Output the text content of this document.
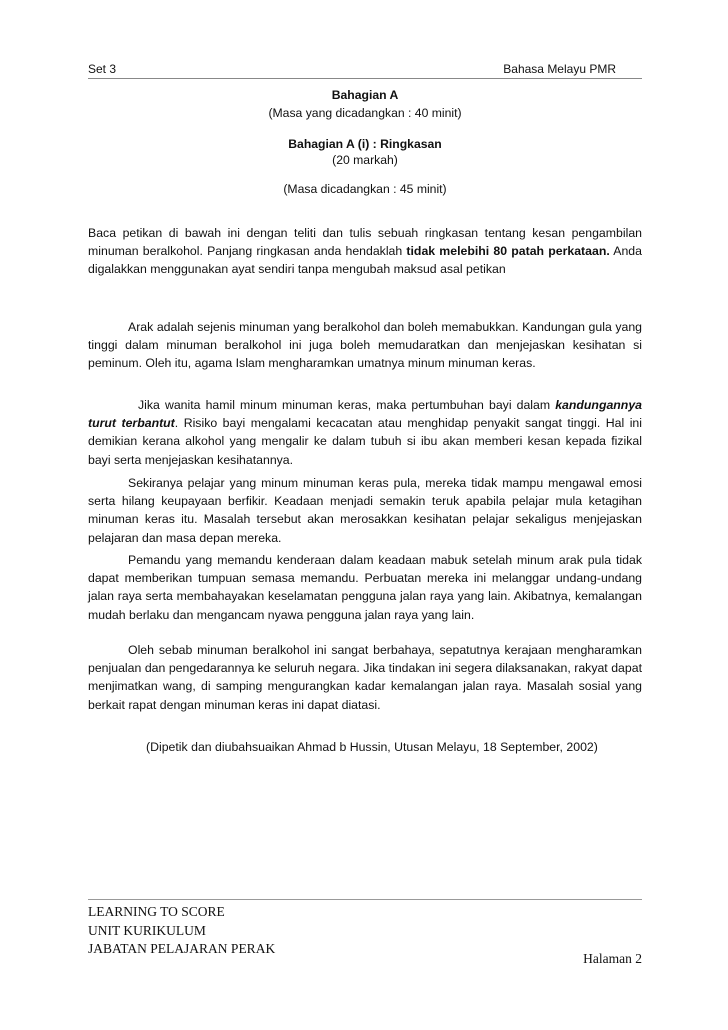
Set 3	Bahasa Melayu PMR
Bahagian A
(Masa yang dicadangkan : 40 minit)
Bahagian A (i) : Ringkasan
(20 markah)
(Masa dicadangkan : 45 minit)

Baca petikan di bawah ini dengan teliti dan tulis sebuah ringkasan tentang kesan pengambilan minuman beralkohol. Panjang ringkasan anda hendaklah tidak melebihi 80 patah perkataan. Anda digalakkan menggunakan ayat sendiri tanpa mengubah maksud asal petikan

Arak adalah sejenis minuman yang beralkohol dan boleh memabukkan. Kandungan gula yang tinggi dalam minuman beralkohol ini juga boleh memudaratkan dan menjejaskan kesihatan si peminum. Oleh itu, agama Islam mengharamkan umatnya minum minuman keras.

Jika wanita hamil minum minuman keras, maka pertumbuhan bayi dalam kandungannya turut terbantut. Risiko bayi mengalami kecacatan atau menghidap penyakit sangat tinggi. Hal ini demikian kerana alkohol yang mengalir ke dalam tubuh si ibu akan memberi kesan kepada fizikal bayi serta menjejaskan kesihatannya.

Sekiranya pelajar yang minum minuman keras pula, mereka tidak mampu mengawal emosi serta hilang keupayaan berfikir. Keadaan menjadi semakin teruk apabila pelajar mula ketagihan minuman keras itu. Masalah tersebut akan merosakkan kesihatan pelajar sekaligus menjejaskan pelajaran dan masa depan mereka.

Pemandu yang memandu kenderaan dalam keadaan mabuk setelah minum arak pula tidak dapat memberikan tumpuan semasa memandu. Perbuatan mereka ini melanggar undang-undang jalan raya serta membahayakan keselamatan pengguna jalan raya yang lain. Akibatnya, kemalangan mudah berlaku dan mengancam nyawa pengguna jalan raya yang lain.

Oleh sebab minuman beralkohol ini sangat berbahaya, sepatutnya kerajaan mengharamkan penjualan dan pengedarannya ke seluruh negara. Jika tindakan ini segera dilaksanakan, rakyat dapat menjimatkan wang, di samping mengurangkan kadar kemalangan jalan raya. Masalah sosial yang berkait rapat dengan minuman keras ini dapat diatasi.

(Dipetik dan diubahsuaikan Ahmad b Hussin, Utusan Melayu, 18 September, 2002)
LEARNING TO SCORE
UNIT KURIKULUM
JABATAN PELAJARAN PERAK
Halaman 2
